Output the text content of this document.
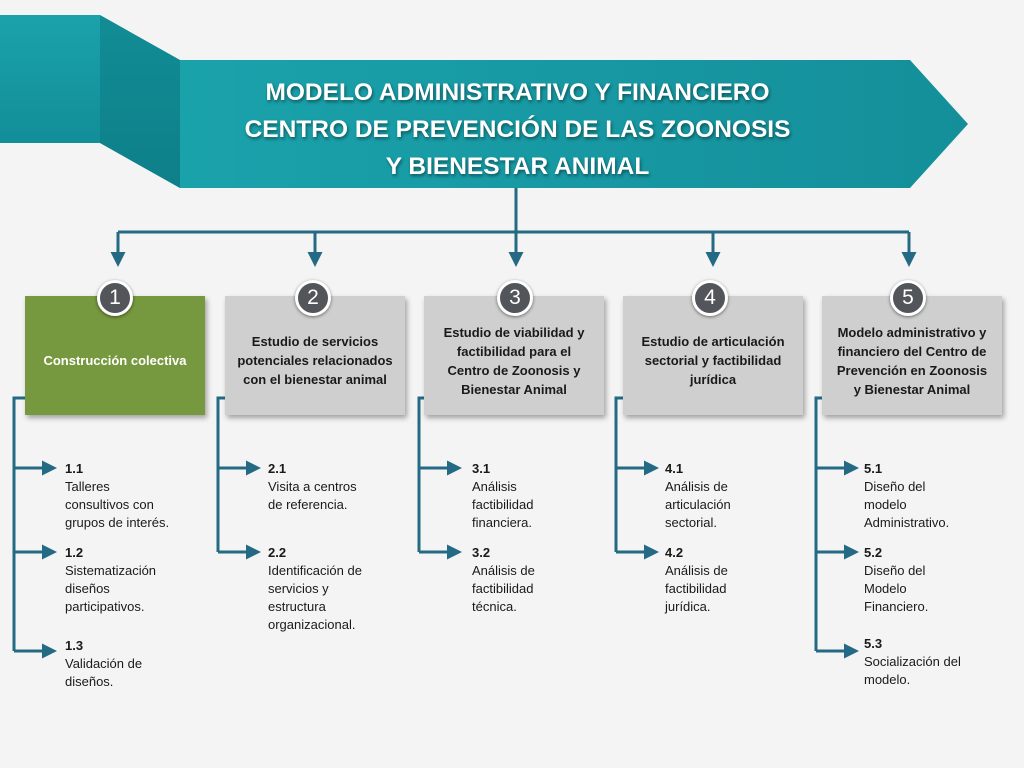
MODELO ADMINISTRATIVO Y FINANCIERO
CENTRO DE PREVENCIÓN DE LAS ZOONOSIS
Y BIENESTAR ANIMAL
Construcción colectiva
1
1.1
Talleres
consultivos con
grupos de interés.
1.2
Sistematización
diseños
participativos.
1.3
Validación de
diseños.
Estudio de servicios
potenciales relacionados
con el bienestar animal
2
2.1
Visita a centros
de referencia.
2.2
Identificación de
servicios y
estructura
organizacional.
Estudio de viabilidad y
factibilidad para el
Centro de Zoonosis y
Bienestar Animal
3
3.1
Análisis
factibilidad
financiera.
3.2
Análisis de
factibilidad
técnica.
Estudio de articulación
sectorial y factibilidad
jurídica
4
4.1
Análisis de
articulación
sectorial.
4.2
Análisis de
factibilidad
jurídica.
Modelo administrativo y
financiero del Centro de
Prevención en Zoonosis
y Bienestar Animal
5
5.1
Diseño del
modelo
Administrativo.
5.2
Diseño del
Modelo
Financiero.
5.3
Socialización del
modelo.
